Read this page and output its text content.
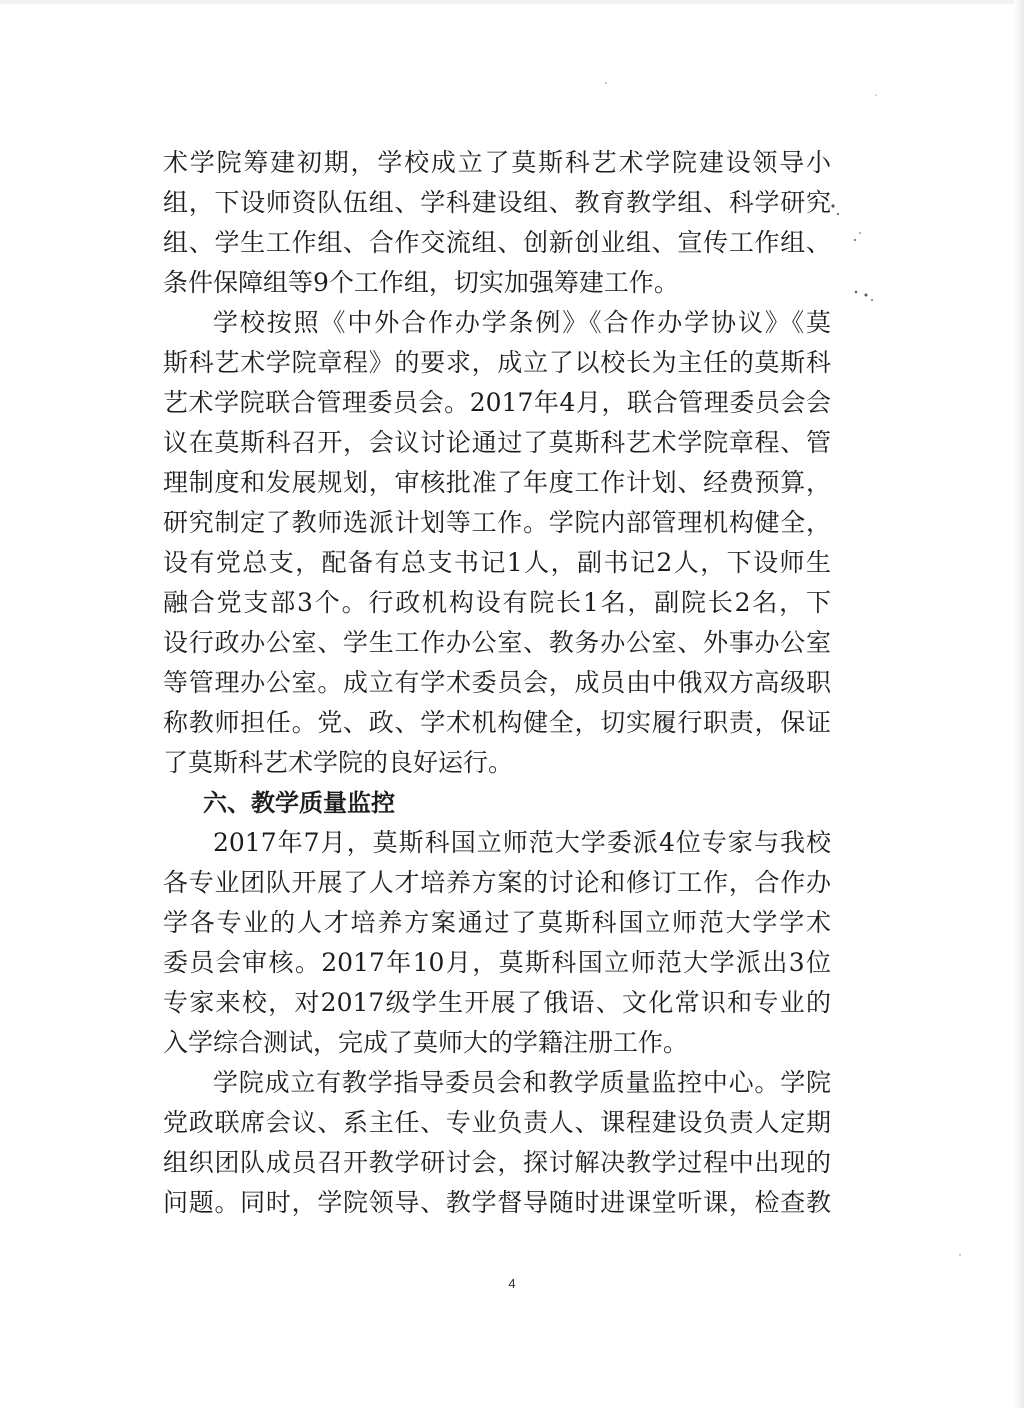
术学院筹建初期，学校成立了莫斯科艺术学院建设领导小
组，下设师资队伍组、学科建设组、教育教学组、科学研究
组、学生工作组、合作交流组、创新创业组、宣传工作组、
条件保障组等9个工作组，切实加强筹建工作。
学校按照《中外合作办学条例》《合作办学协议》《莫
斯科艺术学院章程》的要求，成立了以校长为主任的莫斯科
艺术学院联合管理委员会。2017年4月，联合管理委员会会
议在莫斯科召开，会议讨论通过了莫斯科艺术学院章程、管
理制度和发展规划，审核批准了年度工作计划、经费预算，
研究制定了教师选派计划等工作。学院内部管理机构健全，
设有党总支，配备有总支书记1人，副书记2人，下设师生
融合党支部3个。行政机构设有院长1名，副院长2名，下
设行政办公室、学生工作办公室、教务办公室、外事办公室
等管理办公室。成立有学术委员会，成员由中俄双方高级职
称教师担任。党、政、学术机构健全，切实履行职责，保证
了莫斯科艺术学院的良好运行。
六、教学质量监控
2017年7月，莫斯科国立师范大学委派4位专家与我校
各专业团队开展了人才培养方案的讨论和修订工作，合作办
学各专业的人才培养方案通过了莫斯科国立师范大学学术
委员会审核。2017年10月，莫斯科国立师范大学派出3位
专家来校，对2017级学生开展了俄语、文化常识和专业的
入学综合测试，完成了莫师大的学籍注册工作。
学院成立有教学指导委员会和教学质量监控中心。学院
党政联席会议、系主任、专业负责人、课程建设负责人定期
组织团队成员召开教学研讨会，探讨解决教学过程中出现的
问题。同时，学院领导、教学督导随时进课堂听课，检查教
4
